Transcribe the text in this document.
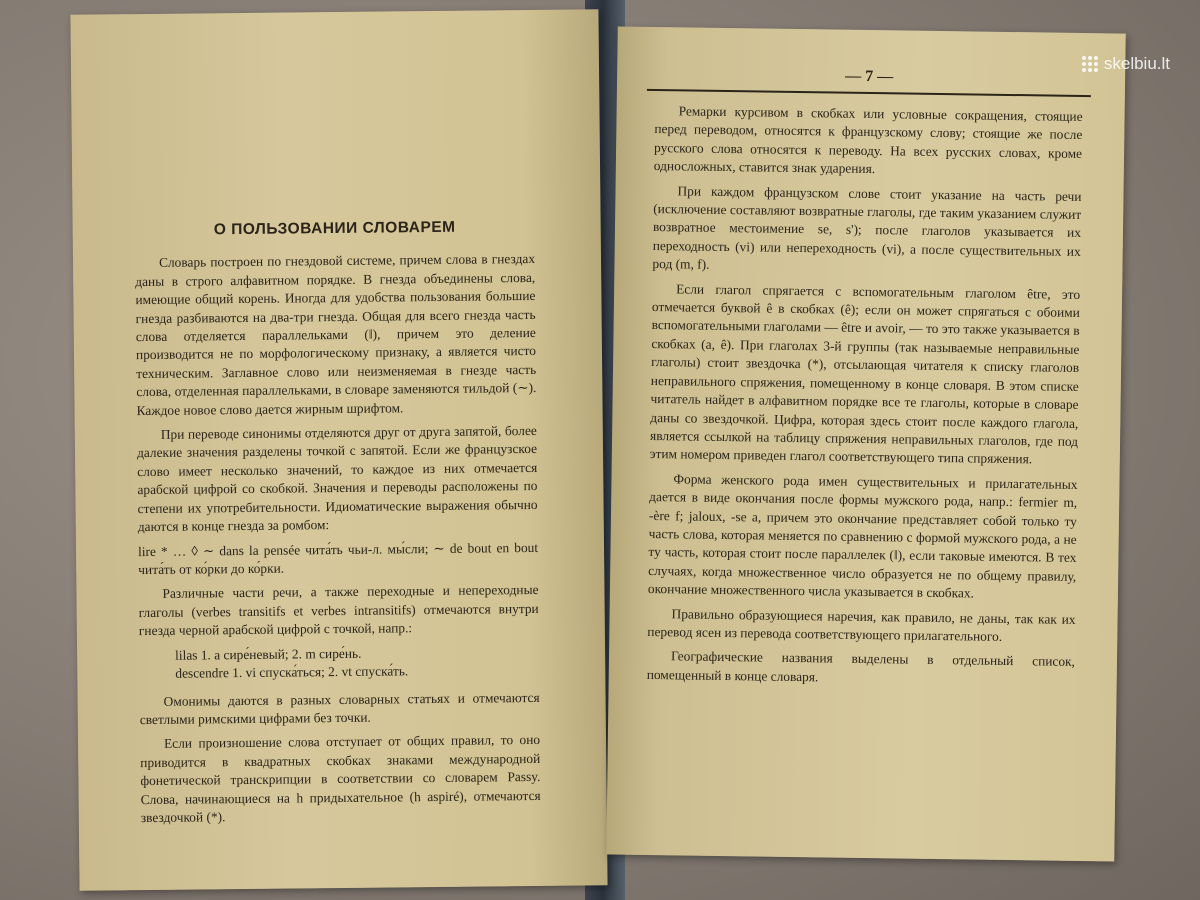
О ПОЛЬЗОВАНИИ СЛОВАРЕМ

Словарь построен по гнездовой системе, причем слова в гнездах даны в строго алфавитном порядке. В гнезда объединены слова, имеющие общий корень. Иногда для удобства пользования большие гнезда разбиваются на два-три гнезда. Общая для всего гнезда часть слова отделяется параллельками (‖), причем это деление производится не по морфологическому признаку, а является чисто техническим. Заглавное слово или неизменяемая в гнезде часть слова, отделенная параллельками, в словаре заменяются тильдой (∼). Каждое новое слово дается жирным шрифтом.

При переводе синонимы отделяются друг от друга запятой, более далекие значения разделены точкой с запятой. Если же французское слово имеет несколько значений, то каждое из них отмечается арабской цифрой со скобкой. Значения и переводы расположены по степени их употребительности. Идиоматические выражения обычно даются в конце гнезда за ромбом:

lire * … ◊ ∼ dans la pensée чита́ть чьи-л. мы́сли; ∼ de bout en bout чита́ть от ко́рки до ко́рки.

Различные части речи, а также переходные и непереходные глаголы (verbes transitifs et verbes intransitifs) отмечаются внутри гнезда черной арабской цифрой с точкой, напр.:

lilas 1. a сире́невый; 2. m сире́нь.
descendre 1. vi спуска́ться; 2. vt спуска́ть.

Омонимы даются в разных словарных статьях и отмечаются светлыми римскими цифрами без точки.

Если произношение слова отступает от общих правил, то оно приводится в квадратных скобках знаками международной фонетической транскрипции в соответствии со словарем Passy. Слова, начинающиеся на h придыхательное (h aspiré), отмечаются звездочкой (*).

— 7 —

Ремарки курсивом в скобках или условные сокращения, стоящие перед переводом, относятся к французскому слову; стоящие же после русского слова относятся к переводу. На всех русских словах, кроме односложных, ставится знак ударения.

При каждом французском слове стоит указание на часть речи (исключение составляют возвратные глаголы, где таким указанием служит возвратное местоимение se, s'); после глаголов указывается их переходность (vi) или непереходность (vi), а после существительных их род (m, f).

Если глагол спрягается с вспомогательным глаголом être, это отмечается буквой ê в скобках (ê); если он может спрягаться с обоими вспомогательными глаголами — être и avoir, — то это также указывается в скобках (a, ê). При глаголах 3-й группы (так называемые неправильные глаголы) стоит звездочка (*), отсылающая читателя к списку глаголов неправильного спряжения, помещенному в конце словаря. В этом списке читатель найдет в алфавитном порядке все те глаголы, которые в словаре даны со звездочкой. Цифра, которая здесь стоит после каждого глагола, является ссылкой на таблицу спряжения неправильных глаголов, где под этим номером приведен глагол соответствующего типа спряжения.

Форма женского рода имен существительных и прилагательных дается в виде окончания после формы мужского рода, напр.: fermier m, -ère f; jaloux, -se a, причем это окончание представляет собой только ту часть слова, которая меняется по сравнению с формой мужского рода, а не ту часть, которая стоит после параллелек (‖), если таковые имеются. В тех случаях, когда множественное число образуется не по общему правилу, окончание множественного числа указывается в скобках.

Правильно образующиеся наречия, как правило, не даны, так как их перевод ясен из перевода соответствующего прилагательного.

Географические названия выделены в отдельный список, помещенный в конце словаря.

skelbiu.lt
